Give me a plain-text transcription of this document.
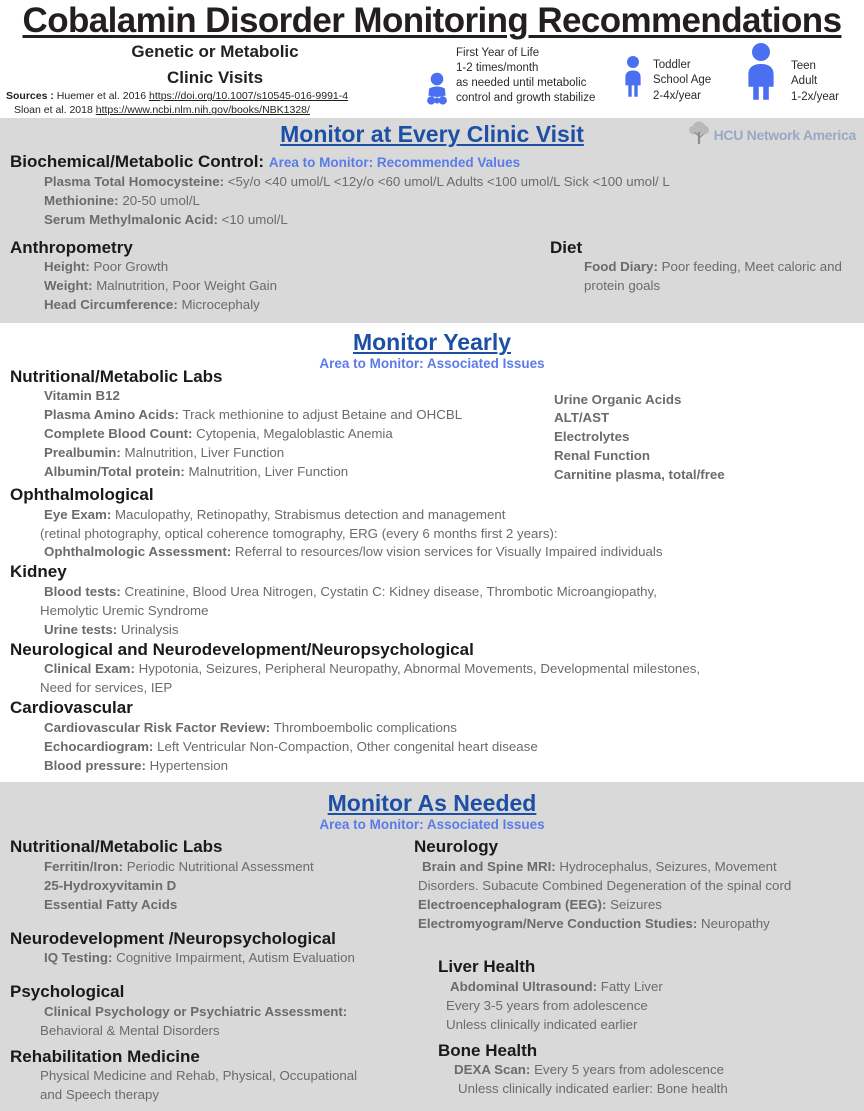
Cobalamin Disorder Monitoring Recommendations
Genetic or Metabolic
Clinic Visits
Sources : Huemer et al. 2016 https://doi.org/10.1007/s10545-016-9991-4
Sloan et al. 2018 https://www.ncbi.nlm.nih.gov/books/NBK1328/
First Year of Life
1-2 times/month
as needed until metabolic
control and growth stabilize
Toddler
School Age
2-4x/year
Teen
Adult
1-2x/year
HCU Network America
Monitor at Every Clinic Visit
Biochemical/Metabolic Control: Area to Monitor: Recommended Values
Plasma Total Homocysteine: <5y/o <40 umol/L <12y/o <60 umol/L Adults <100 umol/L Sick <100 umol/ L
Methionine: 20-50 umol/L
Serum Methylmalonic Acid: <10 umol/L
Anthropometry
Height: Poor Growth
Weight: Malnutrition, Poor Weight Gain
Head Circumference: Microcephaly
Diet
Food Diary: Poor feeding, Meet caloric and protein goals
Monitor Yearly
Area to Monitor: Associated Issues
Nutritional/Metabolic Labs
Vitamin B12
Plasma Amino Acids: Track methionine to adjust Betaine and OHCBL
Complete Blood Count: Cytopenia, Megaloblastic Anemia
Prealbumin: Malnutrition, Liver Function
Albumin/Total protein: Malnutrition, Liver Function
Urine Organic Acids
ALT/AST
Electrolytes
Renal Function
Carnitine plasma, total/free
Ophthalmological
Eye Exam: Maculopathy, Retinopathy, Strabismus detection and management
(retinal photography, optical coherence tomography, ERG (every 6 months first 2 years):
Ophthalmologic Assessment: Referral to resources/low vision services for Visually Impaired individuals
Kidney
Blood tests: Creatinine, Blood Urea Nitrogen, Cystatin C: Kidney disease, Thrombotic Microangiopathy,
Hemolytic Uremic Syndrome
Urine tests: Urinalysis
Neurological and Neurodevelopment/Neuropsychological
Clinical Exam: Hypotonia, Seizures, Peripheral Neuropathy, Abnormal Movements, Developmental milestones,
Need for services, IEP
Cardiovascular
Cardiovascular Risk Factor Review: Thromboembolic complications
Echocardiogram: Left Ventricular Non-Compaction, Other congenital heart disease
Blood pressure: Hypertension
Monitor As Needed
Area to Monitor: Associated Issues
Nutritional/Metabolic Labs
Ferritin/Iron: Periodic Nutritional Assessment
25-Hydroxyvitamin D
Essential Fatty Acids
Neurodevelopment /Neuropsychological
IQ Testing: Cognitive Impairment, Autism Evaluation
Psychological
Clinical Psychology or Psychiatric Assessment:
Behavioral & Mental Disorders
Rehabilitation Medicine
Physical Medicine and Rehab, Physical, Occupational
and Speech therapy
Neurology
Brain and Spine MRI: Hydrocephalus, Seizures, Movement
Disorders. Subacute Combined Degeneration of the spinal cord
Electroencephalogram (EEG): Seizures
Electromyogram/Nerve Conduction Studies: Neuropathy
Liver Health
Abdominal Ultrasound: Fatty Liver
Every 3-5 years from adolescence
Unless clinically indicated earlier
Bone Health
DEXA Scan: Every 5 years from adolescence
Unless clinically indicated earlier: Bone health
